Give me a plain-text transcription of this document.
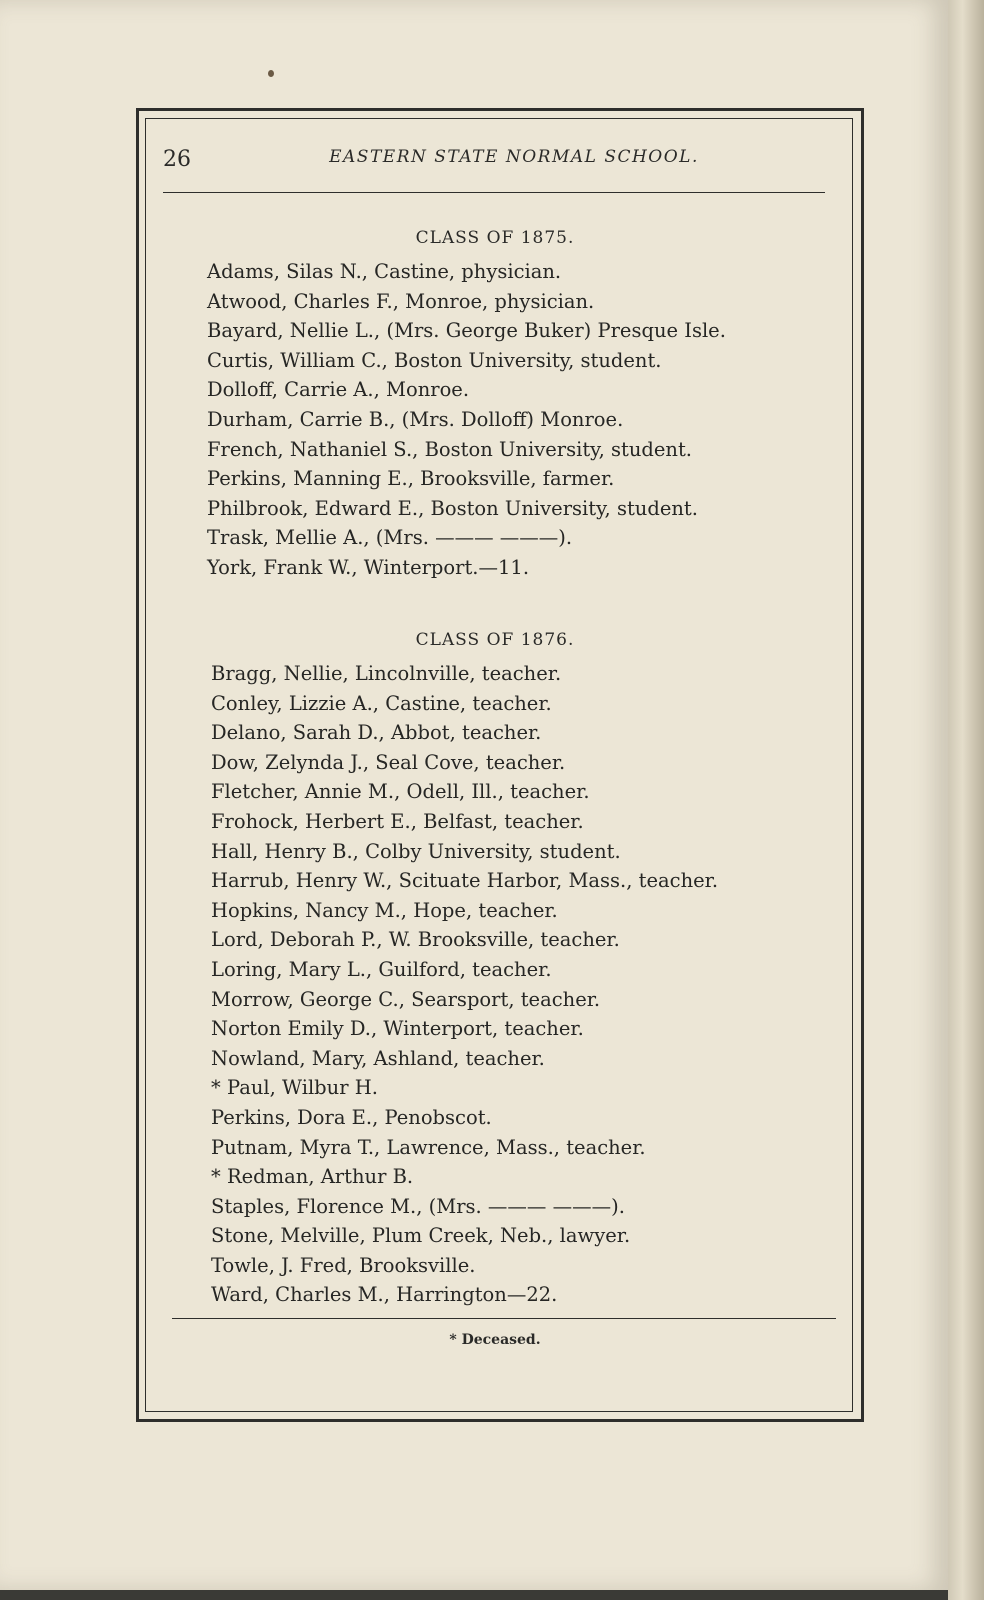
26	EASTERN STATE NORMAL SCHOOL.
CLASS OF 1875.
Adams, Silas N., Castine, physician.
Atwood, Charles F., Monroe, physician.
Bayard, Nellie L., (Mrs. George Buker) Presque Isle.
Curtis, William C., Boston University, student.
Dolloff, Carrie A., Monroe.
Durham, Carrie B., (Mrs. Dolloff) Monroe.
French, Nathaniel S., Boston University, student.
Perkins, Manning E., Brooksville, farmer.
Philbrook, Edward E., Boston University, student.
Trask, Mellie A., (Mrs. ——— ———).
York, Frank W., Winterport.—11.
CLASS OF 1876.
Bragg, Nellie, Lincolnville, teacher.
Conley, Lizzie A., Castine, teacher.
Delano, Sarah D., Abbot, teacher.
Dow, Zelynda J., Seal Cove, teacher.
Fletcher, Annie M., Odell, Ill., teacher.
Frohock, Herbert E., Belfast, teacher.
Hall, Henry B., Colby University, student.
Harrub, Henry W., Scituate Harbor, Mass., teacher.
Hopkins, Nancy M., Hope, teacher.
Lord, Deborah P., W. Brooksville, teacher.
Loring, Mary L., Guilford, teacher.
Morrow, George C., Searsport, teacher.
Norton Emily D., Winterport, teacher.
Nowland, Mary, Ashland, teacher.
* Paul, Wilbur H.
Perkins, Dora E., Penobscot.
Putnam, Myra T., Lawrence, Mass., teacher.
* Redman, Arthur B.
Staples, Florence M., (Mrs. ——— ———).
Stone, Melville, Plum Creek, Neb., lawyer.
Towle, J. Fred, Brooksville.
Ward, Charles M., Harrington—22.
* Deceased.
